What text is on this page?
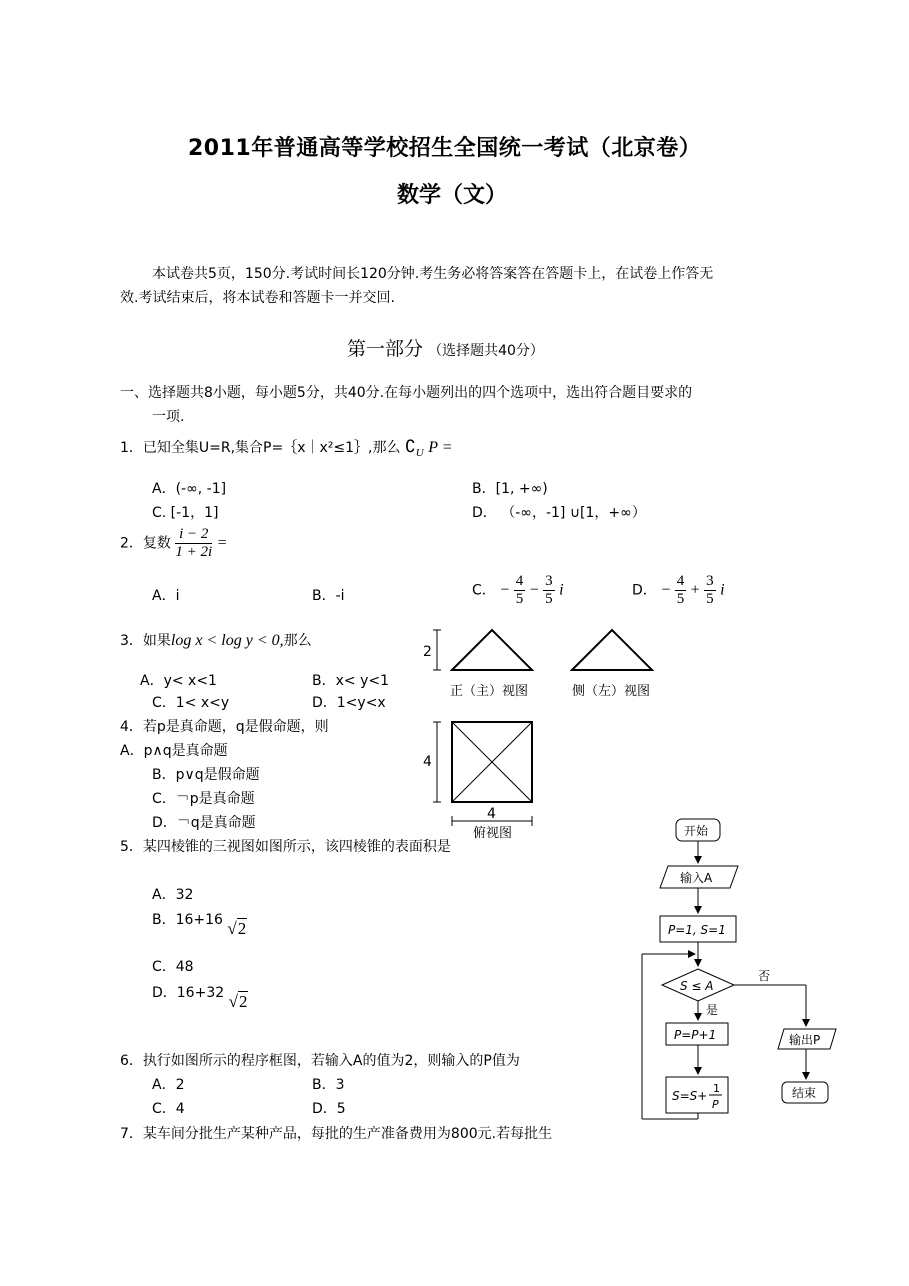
2011年普通高等学校招生全国统一考试（北京卷）
数学（文）
本试卷共5页，150分.考试时间长120分钟.考生务必将答案答在答题卡上，在试卷上作答无
效.考试结束后，将本试卷和答题卡一并交回.
第一部分 （选择题共40分）
一、选择题共8小题，每小题5分，共40分.在每小题列出的四个选项中，选出符合题目要求的
一项.
1．已知全集U=R,集合P=｛x｜x²≤1｝,那么 $∁_U$ P =
A．(-∞, -1]	B．[1, +∞)
C. [-1，1]	D． （-∞，-1] ∪[1，+∞）
2．复数 $\frac{i - 2}{1 + 2i}$ =
A．i	B．-i	C． − $\frac{4}{5} - \frac{3}{5}$ i	D． − $\frac{4}{5} + \frac{3}{5}$ i
3．如果log x < log y < 0,那么
A．y< x<1	B．x< y<1
C．1< x<y	D．1<y<x
4．若p是真命题，q是假命题，则
A．p∧q是真命题
B．p∨q是假命题
C．￢p是真命题
D．￢q是真命题
5．某四棱锥的三视图如图所示，该四棱锥的表面积是
A．32
B．16+16 √2
C．48
D．16+32 √2
6．执行如图所示的程序框图，若输入A的值为2，则输入的P值为
A．2	B．3
C．4	D．5
7．某车间分批生产某种产品，每批的生产准备费用为800元.若每批生
2
正（主）视图	侧（左）视图
4
4
俯视图	开始
输入A
P=1, S=1
S ≤ A
否
是
P=P+1
S=S+
1
P
输出P
结束
